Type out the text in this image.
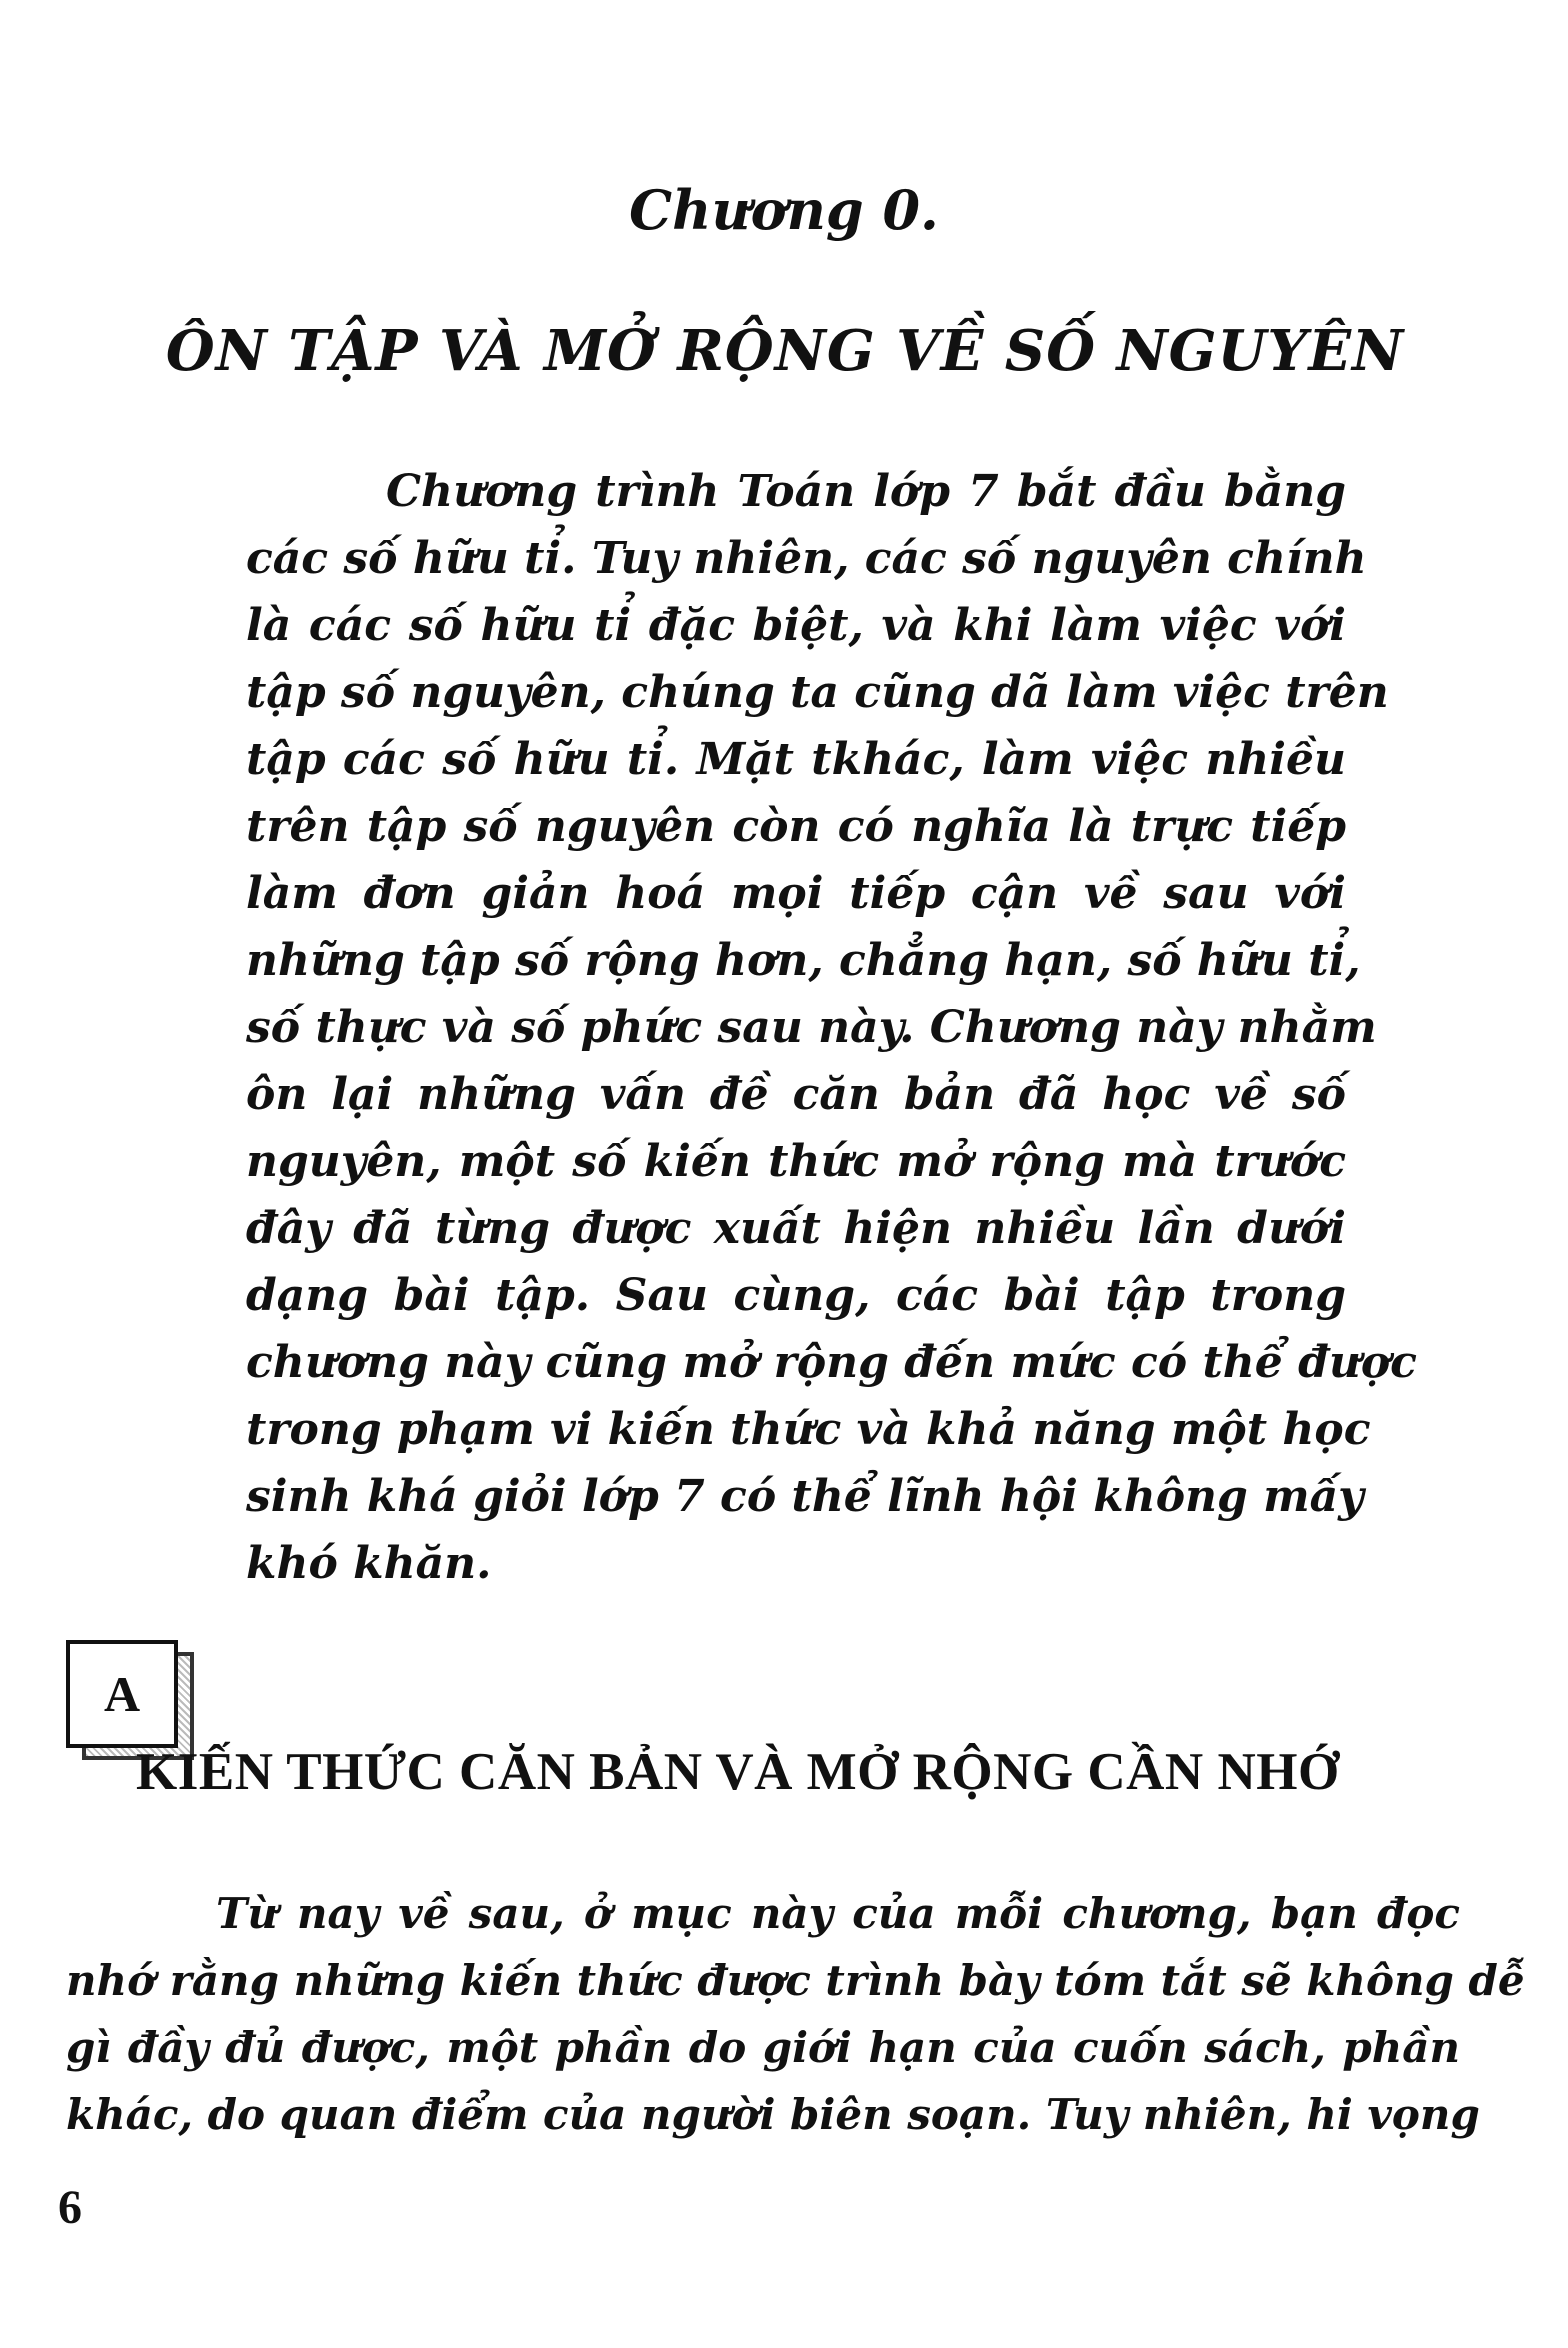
Chương 0.
ÔN TẬP VÀ MỞ RỘNG VỀ SỐ NGUYÊN
Chương trình Toán lớp 7 bắt đầu bằng
các số hữu tỉ. Tuy nhiên, các số nguyên chính
là các số hữu tỉ đặc biệt, và khi làm việc với
tập số nguyên, chúng ta cũng dã làm việc trên
tập các số hữu tỉ. Mặt tkhác, làm việc nhiều
trên tập số nguyên còn có nghĩa là trực tiếp
làm đơn giản hoá mọi tiếp cận về sau với
những tập số rộng hơn, chẳng hạn, số hữu tỉ,
số thực và số phức sau này. Chương này nhằm
ôn lại những vấn đề căn bản đã học về số
nguyên, một số kiến thức mở rộng mà trước
đây đã từng được xuất hiện nhiều lần dưới
dạng bài tập. Sau cùng, các bài tập trong
chương này cũng mở rộng đến mức có thể được
trong phạm vi kiến thức và khả năng một học
sinh khá giỏi lớp 7 có thể lĩnh hội không mấy
khó khăn.
A
KIẾN THỨC CĂN BẢN VÀ MỞ RỘNG CẦN NHỚ
Từ nay về sau, ở mục này của mỗi chương, bạn đọc
nhớ rằng những kiến thức được trình bày tóm tắt sẽ không dễ
gì đầy đủ được, một phần do giới hạn của cuốn sách, phần
khác, do quan điểm của người biên soạn. Tuy nhiên, hi vọng
6
